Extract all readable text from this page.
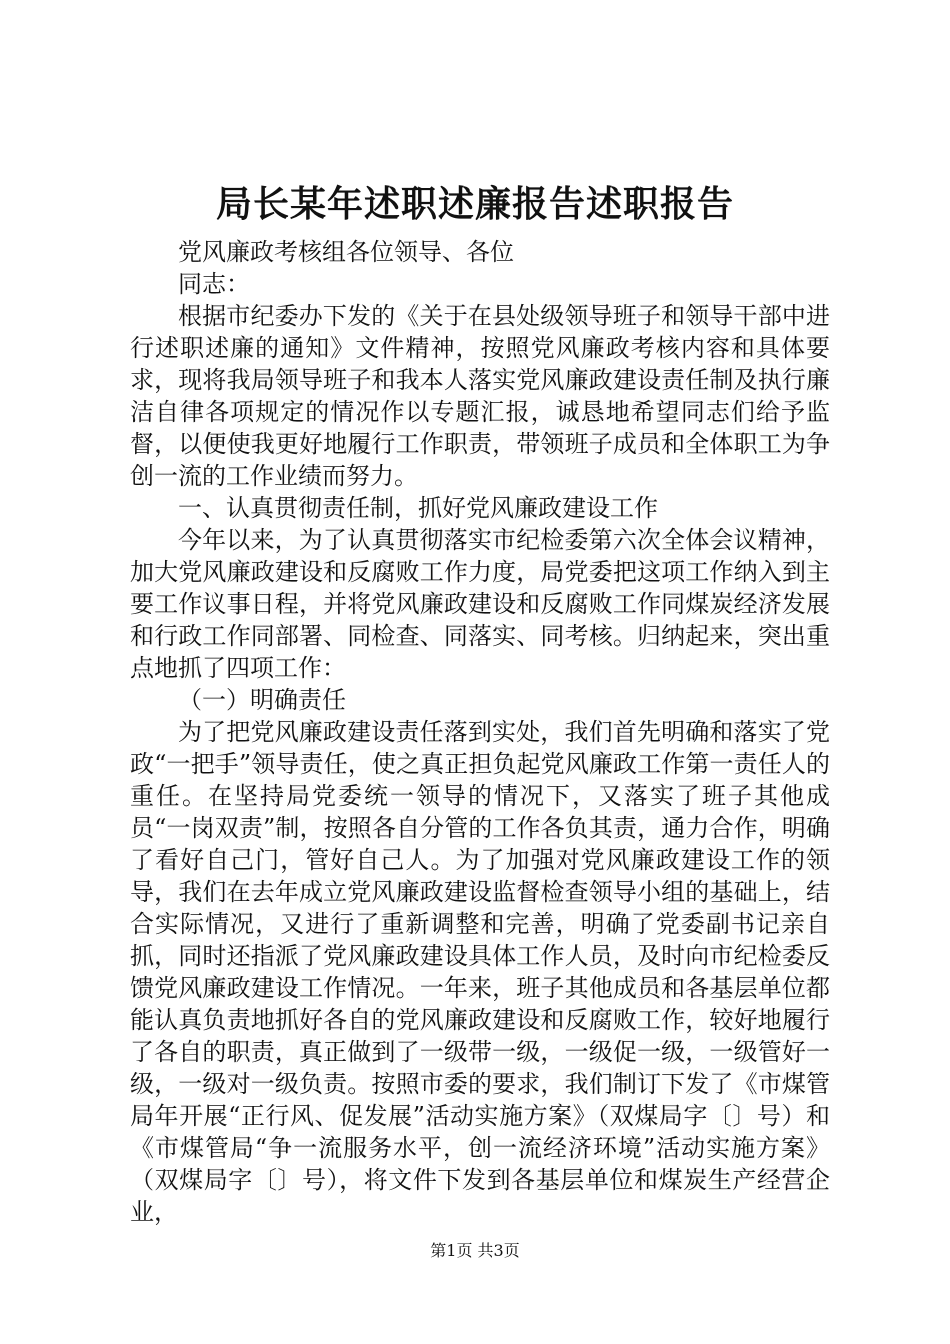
局长某年述职述廉报告述职报告

党风廉政考核组各位领导、各位

同志：

根据市纪委办下发的《关于在县处级领导班子和领导干部中进行述职述廉的通知》文件精神，按照党风廉政考核内容和具体要求，现将我局领导班子和我本人落实党风廉政建设责任制及执行廉洁自律各项规定的情况作以专题汇报，诚恳地希望同志们给予监督，以便使我更好地履行工作职责，带领班子成员和全体职工为争创一流的工作业绩而努力。

一、认真贯彻责任制，抓好党风廉政建设工作

今年以来，为了认真贯彻落实市纪检委第六次全体会议精神，加大党风廉政建设和反腐败工作力度，局党委把这项工作纳入到主要工作议事日程，并将党风廉政建设和反腐败工作同煤炭经济发展和行政工作同部署、同检查、同落实、同考核。归纳起来，突出重点地抓了四项工作：

（一）明确责任

为了把党风廉政建设责任落到实处，我们首先明确和落实了党政“一把手”领导责任，使之真正担负起党风廉政工作第一责任人的重任。在坚持局党委统一领导的情况下，又落实了班子其他成员“一岗双责”制，按照各自分管的工作各负其责，通力合作，明确了看好自己门，管好自己人。为了加强对党风廉政建设工作的领导，我们在去年成立党风廉政建设监督检查领导小组的基础上，结合实际情况，又进行了重新调整和完善，明确了党委副书记亲自抓，同时还指派了党风廉政建设具体工作人员，及时向市纪检委反馈党风廉政建设工作情况。一年来，班子其他成员和各基层单位都能认真负责地抓好各自的党风廉政建设和反腐败工作，较好地履行了各自的职责，真正做到了一级带一级，一级促一级，一级管好一级，一级对一级负责。按照市委的要求，我们制订下发了《市煤管局年开展“正行风、促发展”活动实施方案》（双煤局字〔〕号）和《市煤管局“争一流服务水平，创一流经济环境”活动实施方案》（双煤局字〔〕号），将文件下发到各基层单位和煤炭生产经营企业，

第1页 共3页
